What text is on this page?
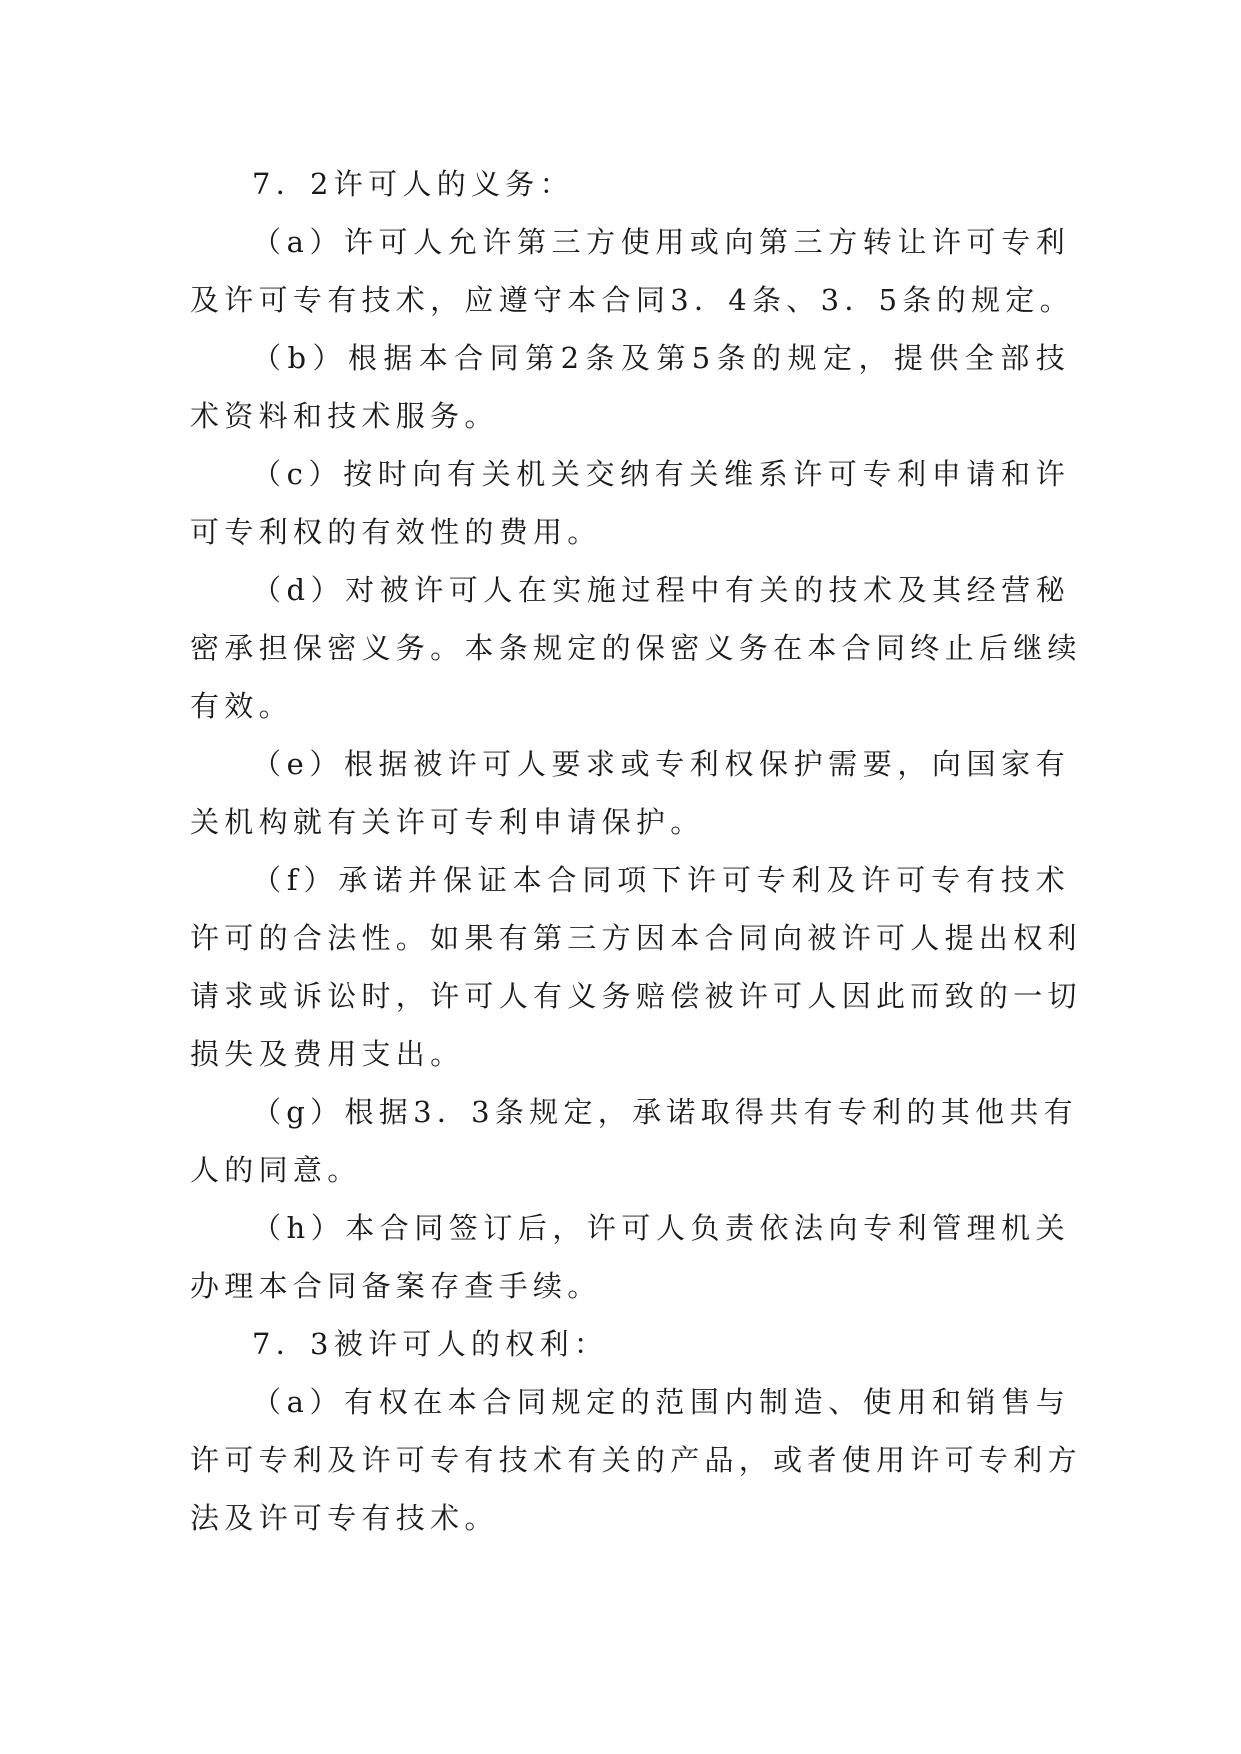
7．2许可人的义务：
（a）许可人允许第三方使用或向第三方转让许可专利
及许可专有技术，应遵守本合同3．4条、3．5条的规定。
（b）根据本合同第2条及第5条的规定，提供全部技
术资料和技术服务。
（c）按时向有关机关交纳有关维系许可专利申请和许
可专利权的有效性的费用。
（d）对被许可人在实施过程中有关的技术及其经营秘
密承担保密义务。本条规定的保密义务在本合同终止后继续
有效。
（e）根据被许可人要求或专利权保护需要，向国家有
关机构就有关许可专利申请保护。
（f）承诺并保证本合同项下许可专利及许可专有技术
许可的合法性。如果有第三方因本合同向被许可人提出权利
请求或诉讼时，许可人有义务赔偿被许可人因此而致的一切
损失及费用支出。
（g）根据3．3条规定，承诺取得共有专利的其他共有
人的同意。
（h）本合同签订后，许可人负责依法向专利管理机关
办理本合同备案存查手续。
7．3被许可人的权利：
（a）有权在本合同规定的范围内制造、使用和销售与
许可专利及许可专有技术有关的产品，或者使用许可专利方
法及许可专有技术。
